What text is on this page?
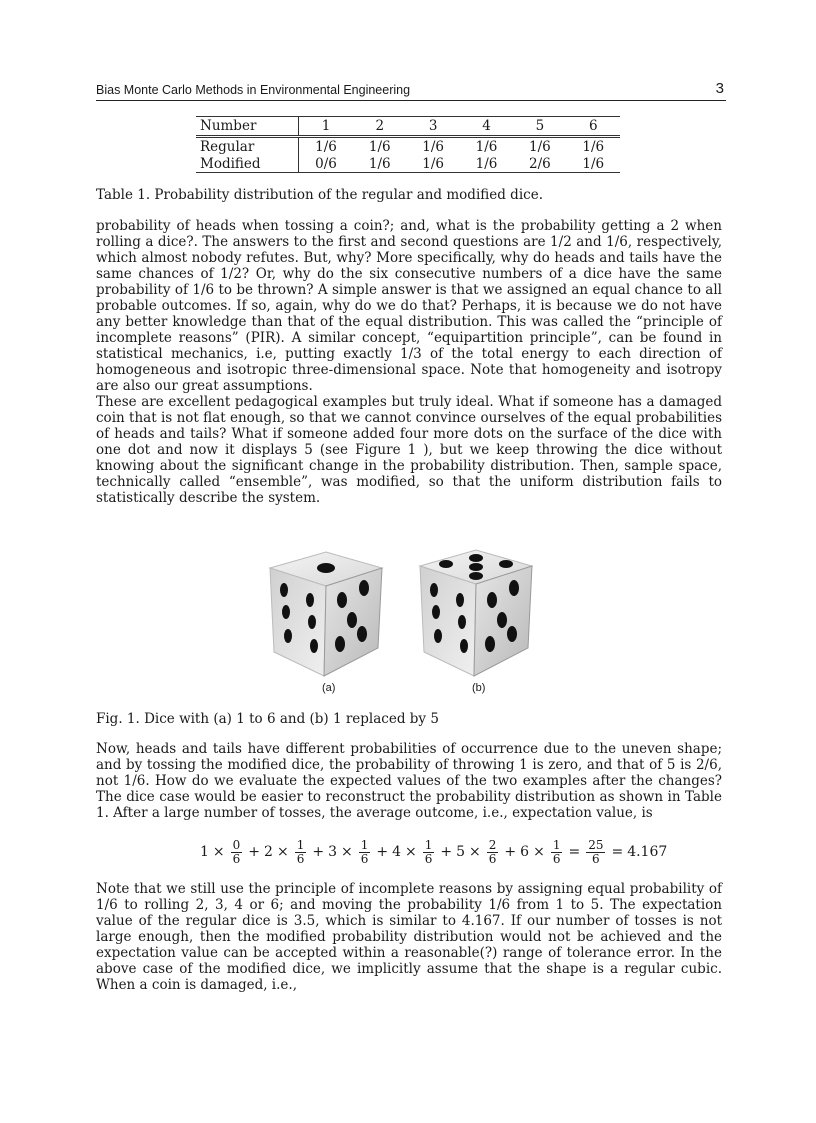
Bias Monte Carlo Methods in Environmental Engineering	3
Number	1	2	3	4	5	6
Regular	1/6	1/6	1/6	1/6	1/6	1/6
Modified	0/6	1/6	1/6	1/6	2/6	1/6
Table 1. Probability distribution of the regular and modified dice.

probability of heads when tossing a coin?; and, what is the probability getting a 2 when rolling a dice?. The answers to the first and second questions are 1/2 and 1/6, respectively, which almost nobody refutes. But, why? More specifically, why do heads and tails have the same chances of 1/2? Or, why do the six consecutive numbers of a dice have the same probability of 1/6 to be thrown? A simple answer is that we assigned an equal chance to all probable outcomes. If so, again, why do we do that? Perhaps, it is because we do not have any better knowledge than that of the equal distribution. This was called the “principle of incomplete reasons” (PIR). A similar concept, “equipartition principle”, can be found in statistical mechanics, i.e, putting exactly 1/3 of the total energy to each direction of homogeneous and isotropic three-dimensional space. Note that homogeneity and isotropy are also our great assumptions.

These are excellent pedagogical examples but truly ideal. What if someone has a damaged coin that is not flat enough, so that we cannot convince ourselves of the equal probabilities of heads and tails? What if someone added four more dots on the surface of the dice with one dot and now it displays 5 (see Figure 1 ), but we keep throwing the dice without knowing about the significant change in the probability distribution. Then, sample space, technically called “ensemble”, was modified, so that the uniform distribution fails to statistically describe the system.

(a)	(b)
Fig. 1. Dice with (a) 1 to 6 and (b) 1 replaced by 5

Now, heads and tails have different probabilities of occurrence due to the uneven shape; and by tossing the modified dice, the probability of throwing 1 is zero, and that of 5 is 2/6, not 1/6. How do we evaluate the expected values of the two examples after the changes? The dice case would be easier to reconstruct the probability distribution as shown in Table 1. After a large number of tosses, the average outcome, i.e., expectation value, is

$1 \times \frac{0}{6} + 2 \times \frac{1}{6} + 3 \times \frac{1}{6} + 4 \times \frac{1}{6} + 5 \times \frac{2}{6} + 6 \times \frac{1}{6} = \frac{25}{6} = 4.167$

Note that we still use the principle of incomplete reasons by assigning equal probability of 1/6 to rolling 2, 3, 4 or 6; and moving the probability 1/6 from 1 to 5. The expectation value of the regular dice is 3.5, which is similar to 4.167. If our number of tosses is not large enough, then the modified probability distribution would not be achieved and the expectation value can be accepted within a reasonable(?) range of tolerance error. In the above case of the modified dice, we implicitly assume that the shape is a regular cubic. When a coin is damaged, i.e.,
